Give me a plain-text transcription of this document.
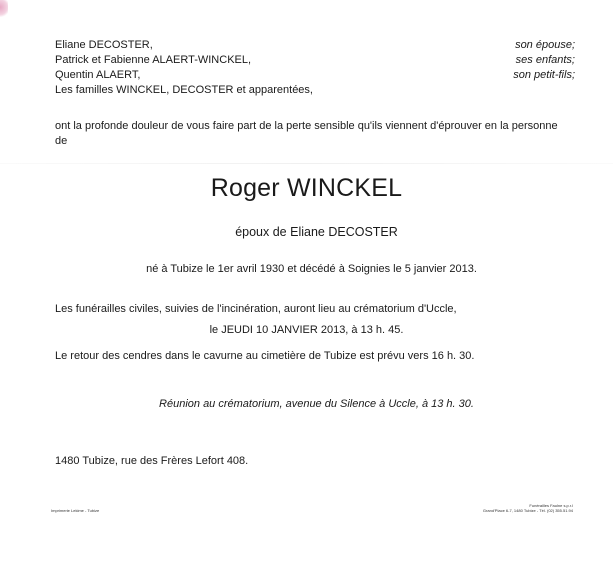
Eliane DECOSTER,	son épouse;
Patrick et Fabienne ALAERT-WINCKEL,	ses enfants;
Quentin ALAERT,	son petit-fils;
Les familles WINCKEL, DECOSTER et apparentées,
ont la profonde douleur de vous faire part de la perte sensible qu'ils viennent d'éprouver en la personne de
Roger WINCKEL
époux de Eliane DECOSTER
né à Tubize le 1er avril 1930 et décédé à Soignies le 5 janvier 2013.
Les funérailles civiles, suivies de l'incinération, auront lieu au crématorium d'Uccle,
le JEUDI 10 JANVIER 2013, à 13 h. 45.
Le retour des cendres dans le cavurne au cimetière de Tubize est prévu vers 16 h. 30.
Réunion au crématorium, avenue du Silence à Uccle, à 13 h. 30.
1480 Tubize, rue des Frères Lefort 408.
Imprimerie Lekime - Tubize
Funérailles Faulne s.p.r.l
Grand'Place 6-7, 1480 Tubize - Tél. (02) 355.51.94
